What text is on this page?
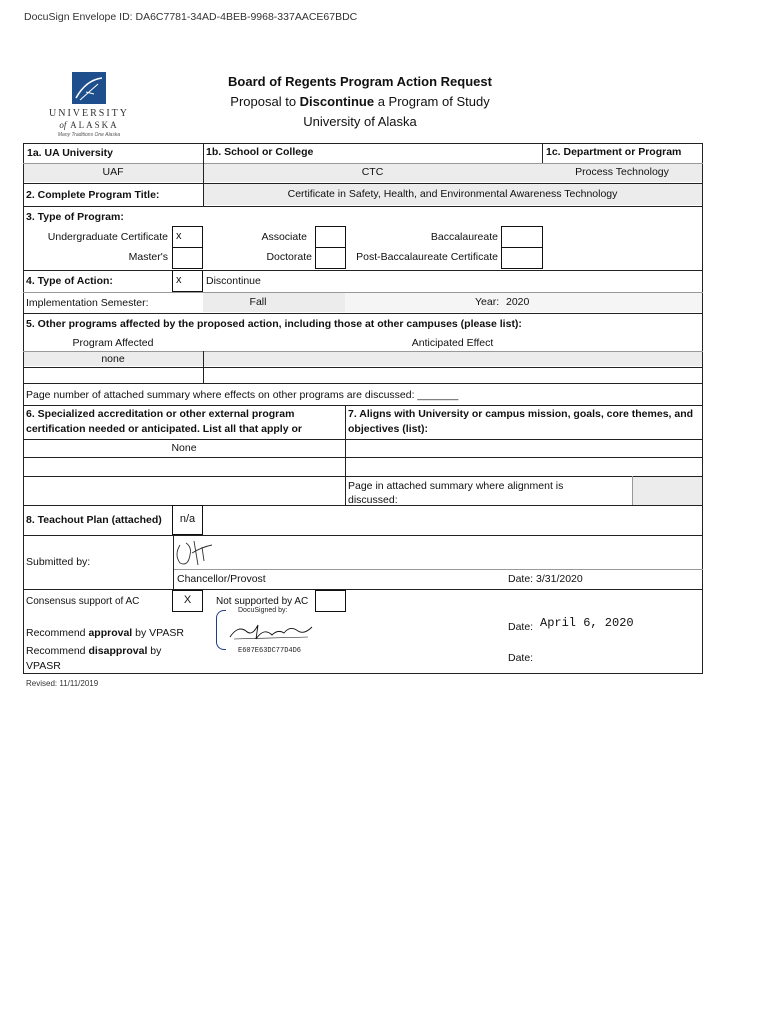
DocuSign Envelope ID: DA6C7781-34AD-4BEB-9968-337AACE67BDC
UNIVERSITY
of ALASKA
Many Traditions One Alaska
Board of Regents Program Action Request
Proposal to Discontinue a Program of Study
University of Alaska
1a. UA University	1b. School or College	1c. Department or Program
UAF	CTC	Process Technology
2. Complete Program Title:	Certificate in Safety, Health, and Environmental Awareness Technology
3. Type of Program:
Undergraduate Certificate x	Associate	Baccalaureate
Master's	Doctorate	Post-Baccalaureate Certificate
4. Type of Action:	x	Discontinue
Implementation Semester:	Fall	Year: 2020
5. Other programs affected by the proposed action, including those at other campuses (please list):
Program Affected	Anticipated Effect
none
Page number of attached summary where effects on other programs are discussed: _______
6. Specialized accreditation or other external program
certification needed or anticipated. List all that apply or
7. Aligns with University or campus mission, goals, core themes, and
objectives (list):
None
Page in attached summary where alignment is
discussed:
8. Teachout Plan (attached)	n/a
Submitted by:
Chancellor/Provost	Date: 3/31/2020
Consensus support of AC	X	Not supported by AC
Recommend approval by VPASR
Recommend disapproval by
VPASR
DocuSigned by:
E607E63DC77D4D6
Date: April 6, 2020
Date:
Revised: 11/11/2019
